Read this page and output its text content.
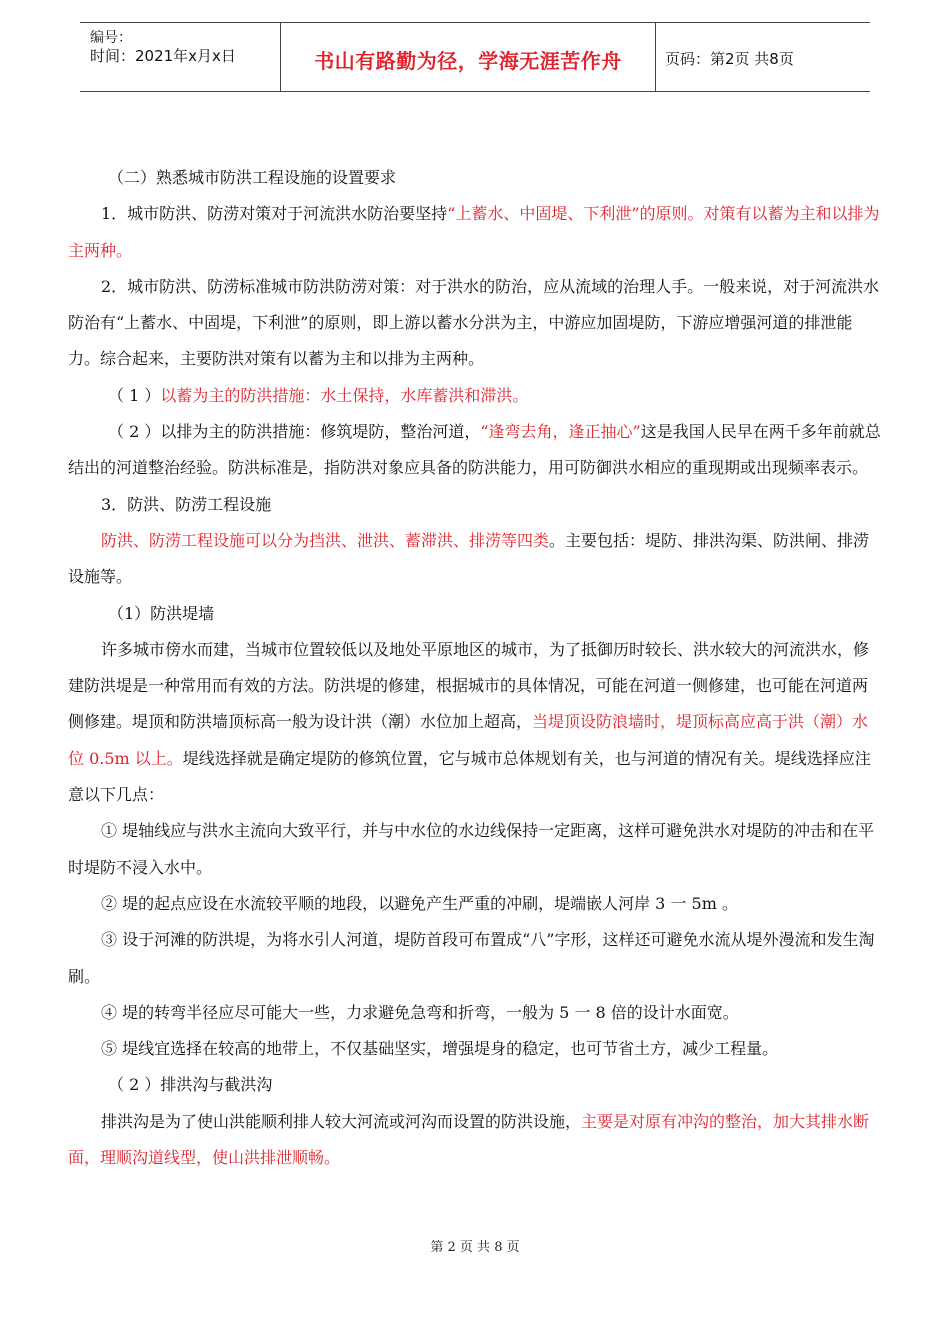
编号：
时间：2021年x月x日	书山有路勤为径，学海无涯苦作舟	页码：第2页 共8页

（二）熟悉城市防洪工程设施的设置要求

1．城市防洪、防涝对策对于河流洪水防治要坚持“上蓄水、中固堤、下利泄”的原则。对策有以蓄为主和以排为主两种。

2．城市防洪、防涝标准城市防洪防涝对策：对于洪水的防治，应从流域的治理人手。一般来说，对于河流洪水防治有“上蓄水、中固堤，下利泄”的原则，即上游以蓄水分洪为主，中游应加固堤防，下游应增强河道的排泄能力。综合起来，主要防洪对策有以蓄为主和以排为主两种。

（ 1 ）以蓄为主的防洪措施：水土保持，水库蓄洪和滞洪。

（ 2 ）以排为主的防洪措施：修筑堤防，整治河道，“逢弯去角，逢正抽心”这是我国人民早在两千多年前就总结出的河道整治经验。防洪标准是，指防洪对象应具备的防洪能力，用可防御洪水相应的重现期或出现频率表示。

3．防洪、防涝工程设施

防洪、防涝工程设施可以分为挡洪、泄洪、蓄滞洪、排涝等四类。主要包括：堤防、排洪沟渠、防洪闸、排涝设施等。

（1）防洪堤墙

许多城市傍水而建，当城市位置较低以及地处平原地区的城市，为了抵御历时较长、洪水较大的河流洪水，修建防洪堤是一种常用而有效的方法。防洪堤的修建，根据城市的具体情况，可能在河道一侧修建，也可能在河道两侧修建。堤顶和防洪墙顶标高一般为设计洪（潮）水位加上超高，当堤顶设防浪墙时，堤顶标高应高于洪（潮）水位 0.5m 以上。堤线选择就是确定堤防的修筑位置，它与城市总体规划有关，也与河道的情况有关。堤线选择应注意以下几点：

① 堤轴线应与洪水主流向大致平行，并与中水位的水边线保持一定距离，这样可避免洪水对堤防的冲击和在平时堤防不浸入水中。

② 堤的起点应设在水流较平顺的地段，以避免产生严重的冲刷，堤端嵌人河岸 3 一 5m 。

③ 设于河滩的防洪堤，为将水引人河道，堤防首段可布置成“八”字形，这样还可避免水流从堤外漫流和发生淘刷。

④ 堤的转弯半径应尽可能大一些，力求避免急弯和折弯，一般为 5 一 8 倍的设计水面宽。

⑤ 堤线宜选择在较高的地带上，不仅基础坚实，增强堤身的稳定，也可节省土方，减少工程量。

（ 2 ）排洪沟与截洪沟

排洪沟是为了使山洪能顺利排人较大河流或河沟而设置的防洪设施，主要是对原有冲沟的整治，加大其排水断面，理顺沟道线型，使山洪排泄顺畅。

第 2 页 共 8 页
